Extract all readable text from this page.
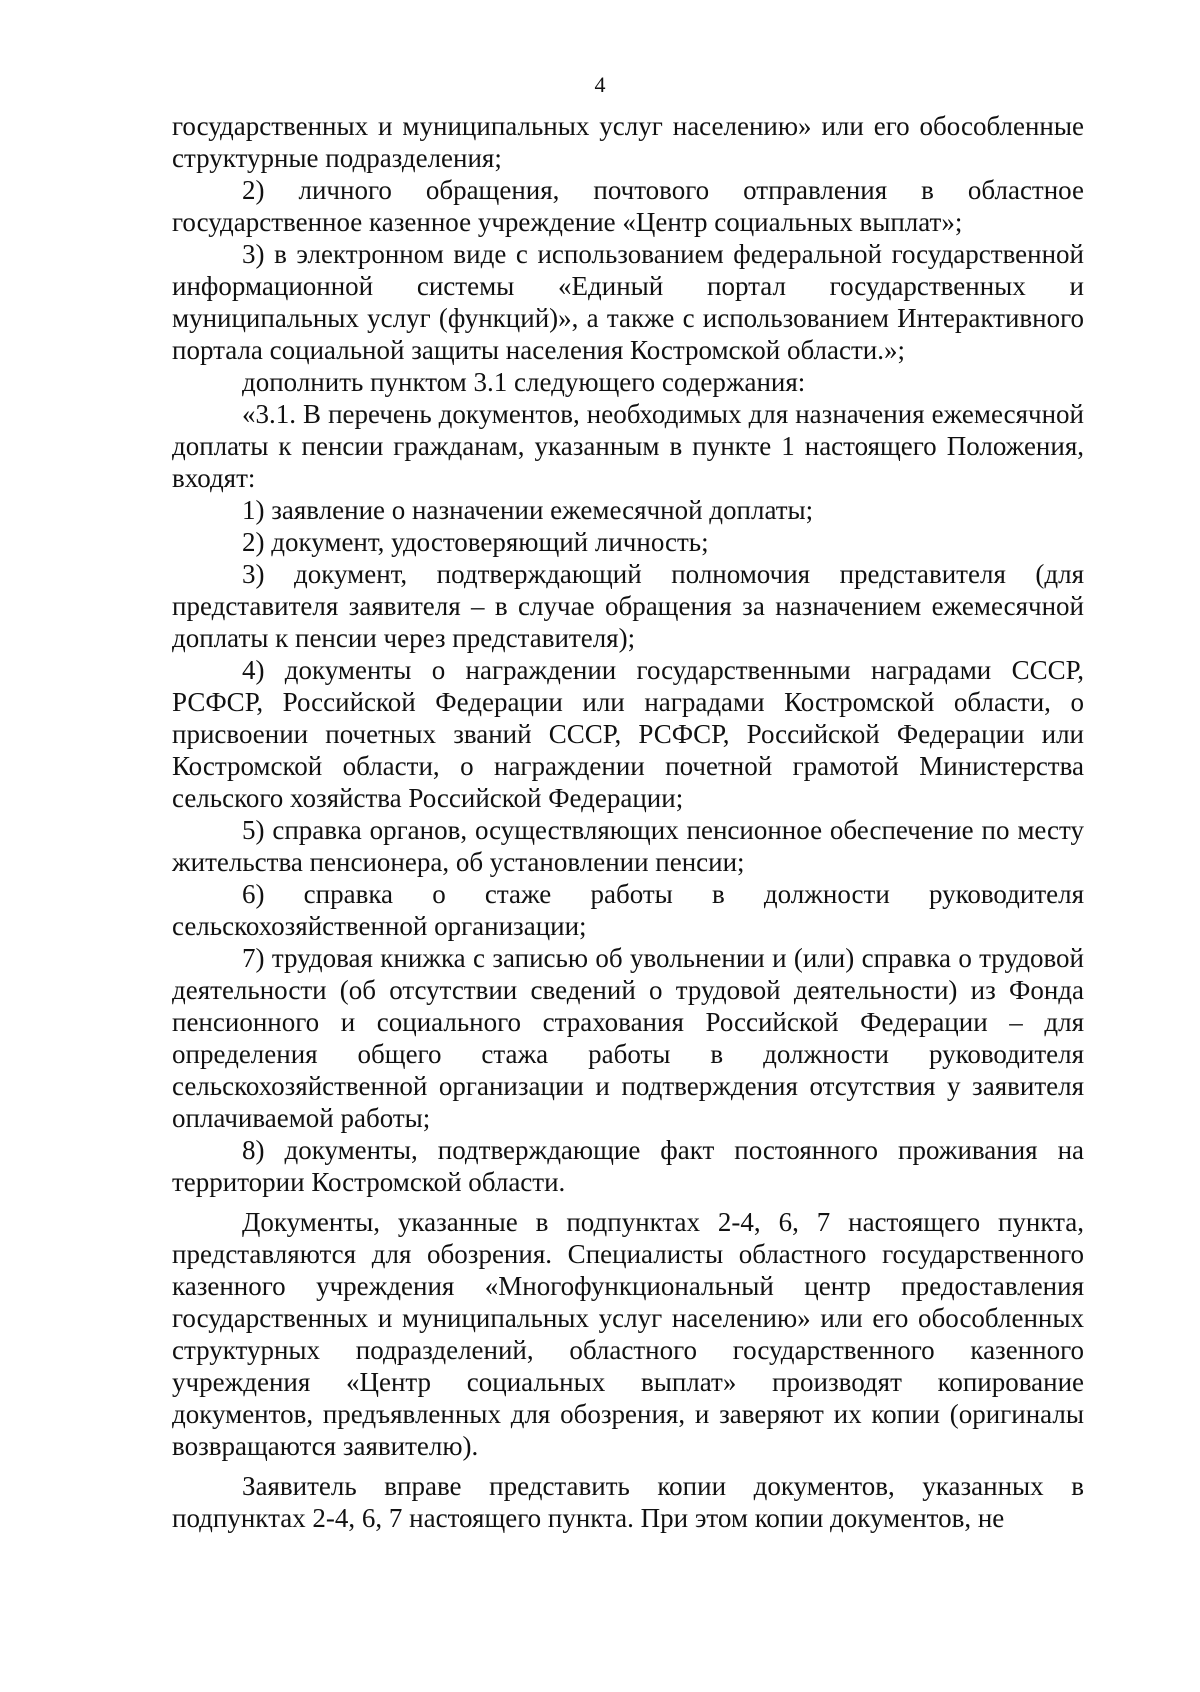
4

государственных и муниципальных услуг населению» или его обособленные структурные подразделения;

2) личного обращения, почтового отправления в областное государственное казенное учреждение «Центр социальных выплат»;

3) в электронном виде с использованием федеральной государственной информационной системы «Единый портал государственных и муниципальных услуг (функций)», а также с использованием Интерактивного портала социальной защиты населения Костромской области.»;

дополнить пунктом 3.1 следующего содержания:

«3.1. В перечень документов, необходимых для назначения ежемесячной доплаты к пенсии гражданам, указанным в пункте 1 настоящего Положения, входят:

1) заявление о назначении ежемесячной доплаты;

2) документ, удостоверяющий личность;

3) документ, подтверждающий полномочия представителя (для представителя заявителя – в случае обращения за назначением ежемесячной доплаты к пенсии через представителя);

4) документы о награждении государственными наградами СССР, РСФСР, Российской Федерации или наградами Костромской области, о присвоении почетных званий СССР, РСФСР, Российской Федерации или Костромской области, о награждении почетной грамотой Министерства сельского хозяйства Российской Федерации;

5) справка органов, осуществляющих пенсионное обеспечение по месту жительства пенсионера, об установлении пенсии;

6) справка о стаже работы в должности руководителя сельскохозяйственной организации;

7) трудовая книжка с записью об увольнении и (или) справка о трудовой деятельности (об отсутствии сведений о трудовой деятельности) из Фонда пенсионного и социального страхования Российской Федерации – для определения общего стажа работы в должности руководителя сельскохозяйственной организации и подтверждения отсутствия у заявителя оплачиваемой работы;

8) документы, подтверждающие факт постоянного проживания на территории Костромской области.

Документы, указанные в подпунктах 2-4, 6, 7 настоящего пункта, представляются для обозрения. Специалисты областного государственного казенного учреждения «Многофункциональный центр предоставления государственных и муниципальных услуг населению» или его обособленных структурных подразделений, областного государственного казенного учреждения «Центр социальных выплат» производят копирование документов, предъявленных для обозрения, и заверяют их копии (оригиналы возвращаются заявителю).

Заявитель вправе представить копии документов, указанных в подпунктах 2-4, 6, 7 настоящего пункта. При этом копии документов, не
